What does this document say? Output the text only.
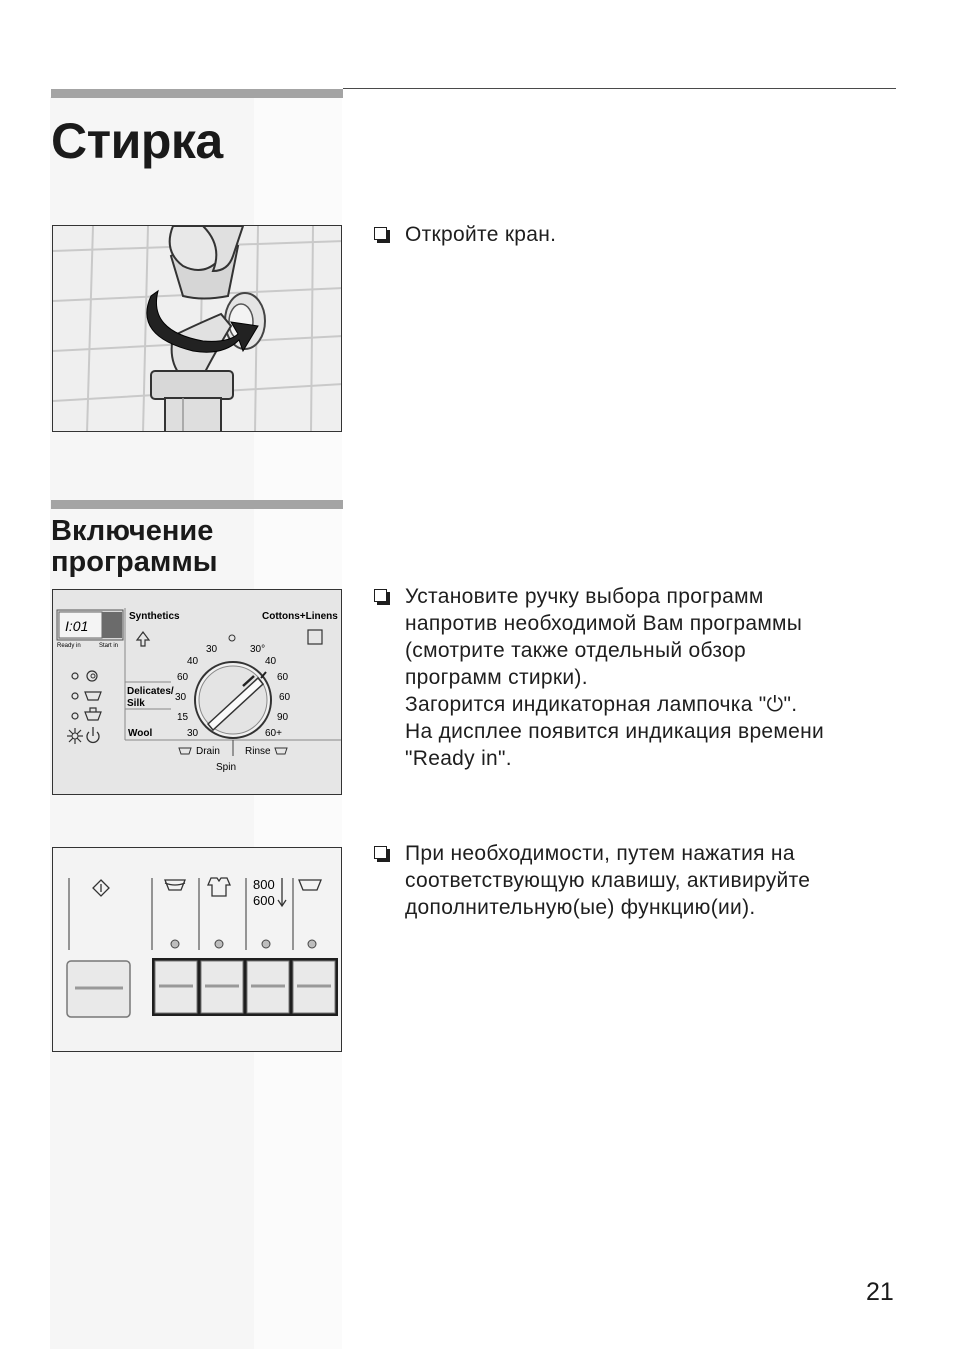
Стирка
Откройте кран.
Включение
программы
I:01
Ready in	Start in
Synthetics	Cottons+Linens
Delicates/
Silk
Wool
30
40
60
30
15
30
30°
40
60
60
90
60+
Drain	Rinse
Spin
Установите ручку выбора программ
напротив необходимой Вам программы
(смотрите также отдельный обзор
программ стирки).
Загорится индикаторная лампочка "⏻".
На дисплее появится индикация времени
"Ready in".
800
600
При необходимости, путем нажатия на
соответствующую клавишу, активируйте
дополнительную(ые) функцию(ии).
21
